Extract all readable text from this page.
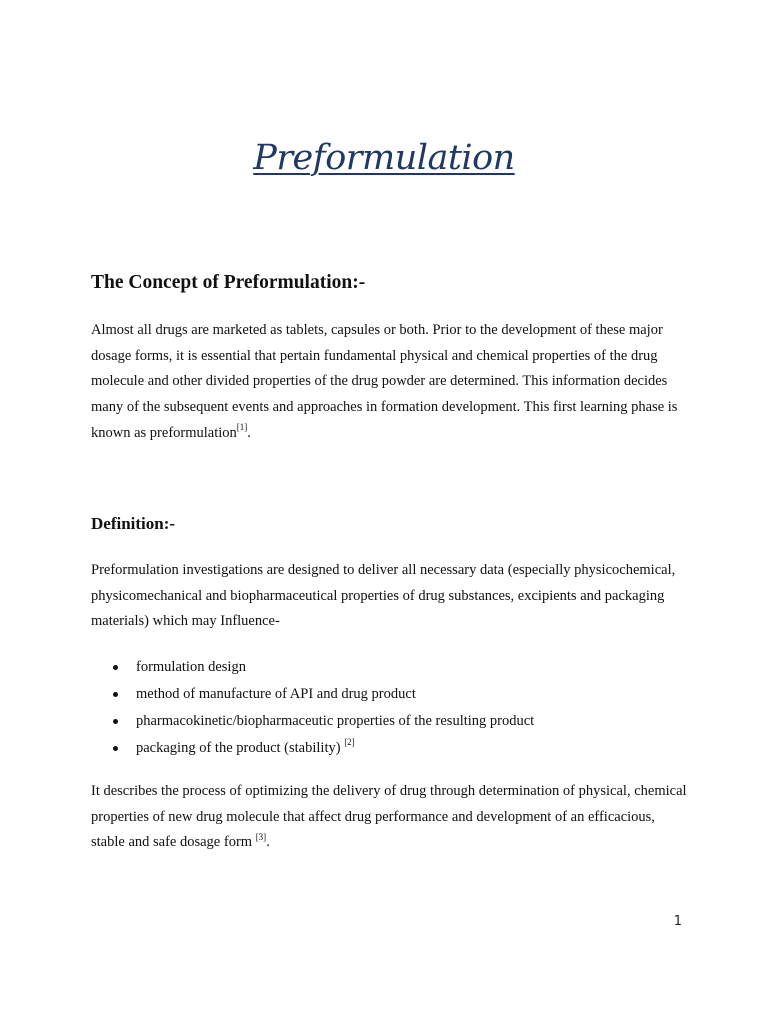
Preformulation
The Concept of Preformulation:-

Almost all drugs are marketed as tablets, capsules or both. Prior to the development of these major dosage forms, it is essential that pertain fundamental physical and chemical properties of the drug molecule and other divided properties of the drug powder are determined. This information decides many of the subsequent events and approaches in formation development. This first learning phase is known as preformulation[1].

Definition:-

Preformulation investigations are designed to deliver all necessary data (especially physicochemical, physicomechanical and biopharmaceutical properties of drug substances, excipients and packaging materials) which may Influence-

formulation design
method of manufacture of API and drug product
pharmacokinetic/biopharmaceutic properties of the resulting product
packaging of the product (stability) [2]

It describes the process of optimizing the delivery of drug through determination of physical, chemical properties of new drug molecule that affect drug performance and development of an efficacious, stable and safe dosage form [3].

1
